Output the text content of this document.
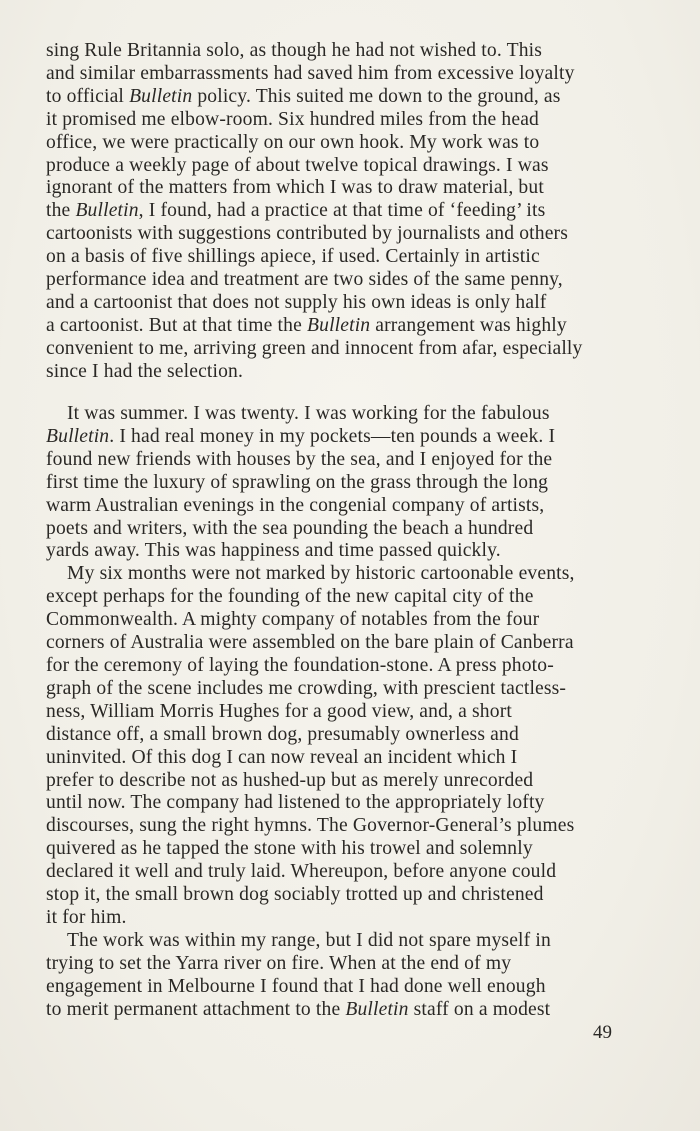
sing Rule Britannia solo, as though he had not wished to. This
and similar embarrassments had saved him from excessive loyalty
to official Bulletin policy. This suited me down to the ground, as
it promised me elbow-room. Six hundred miles from the head
office, we were practically on our own hook. My work was to
produce a weekly page of about twelve topical drawings. I was
ignorant of the matters from which I was to draw material, but
the Bulletin, I found, had a practice at that time of ‘feeding’ its
cartoonists with suggestions contributed by journalists and others
on a basis of five shillings apiece, if used. Certainly in artistic
performance idea and treatment are two sides of the same penny,
and a cartoonist that does not supply his own ideas is only half
a cartoonist. But at that time the Bulletin arrangement was highly
convenient to me, arriving green and innocent from afar, especially
since I had the selection.

It was summer. I was twenty. I was working for the fabulous
Bulletin. I had real money in my pockets—ten pounds a week. I
found new friends with houses by the sea, and I enjoyed for the
first time the luxury of sprawling on the grass through the long
warm Australian evenings in the congenial company of artists,
poets and writers, with the sea pounding the beach a hundred
yards away. This was happiness and time passed quickly.

My six months were not marked by historic cartoonable events,
except perhaps for the founding of the new capital city of the
Commonwealth. A mighty company of notables from the four
corners of Australia were assembled on the bare plain of Canberra
for the ceremony of laying the foundation-stone. A press photo-
graph of the scene includes me crowding, with prescient tactless-
ness, William Morris Hughes for a good view, and, a short
distance off, a small brown dog, presumably ownerless and
uninvited. Of this dog I can now reveal an incident which I
prefer to describe not as hushed-up but as merely unrecorded
until now. The company had listened to the appropriately lofty
discourses, sung the right hymns. The Governor-General’s plumes
quivered as he tapped the stone with his trowel and solemnly
declared it well and truly laid. Whereupon, before anyone could
stop it, the small brown dog sociably trotted up and christened
it for him.

The work was within my range, but I did not spare myself in
trying to set the Yarra river on fire. When at the end of my
engagement in Melbourne I found that I had done well enough
to merit permanent attachment to the Bulletin staff on a modest

49
